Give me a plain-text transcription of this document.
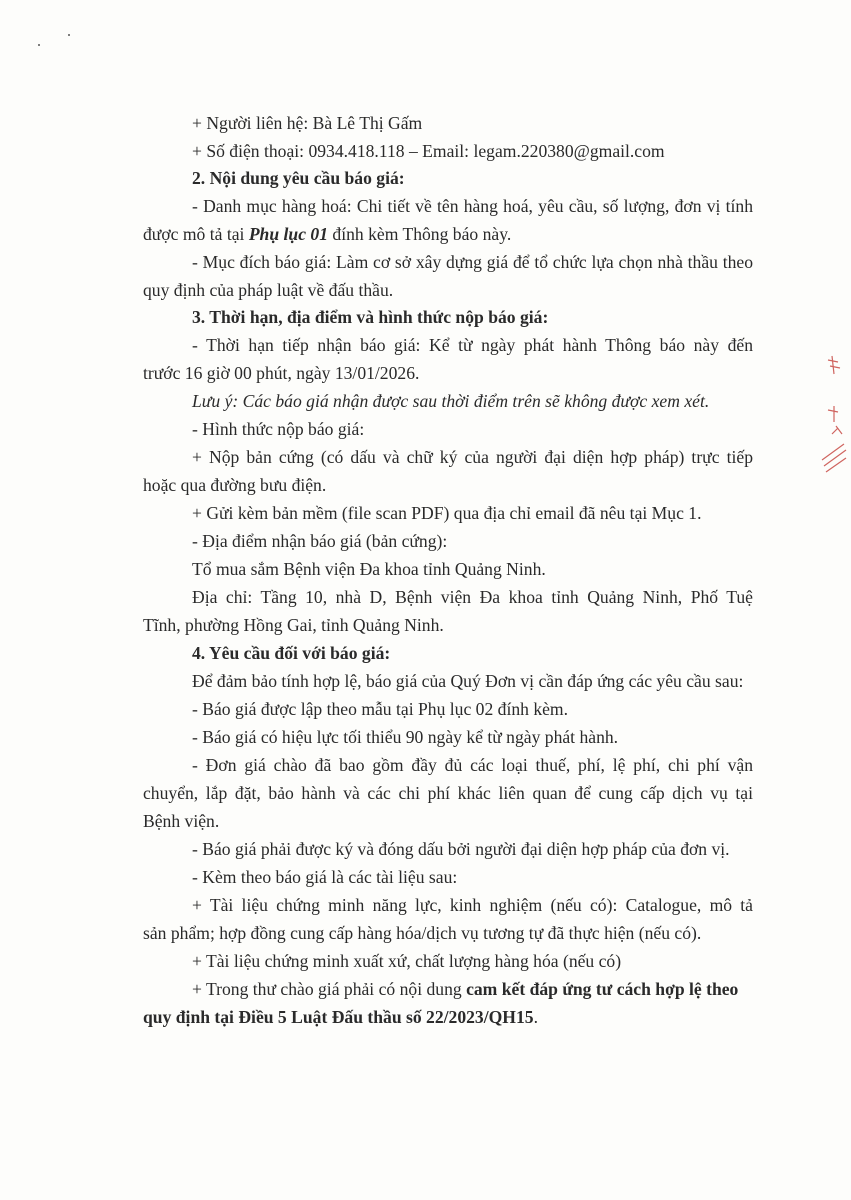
+ Người liên hệ: Bà Lê Thị Gấm
+ Số điện thoại: 0934.418.118 – Email: legam.220380@gmail.com
2. Nội dung yêu cầu báo giá:
- Danh mục hàng hoá: Chi tiết về tên hàng hoá, yêu cầu, số lượng, đơn vị tính
được mô tả tại Phụ lục 01 đính kèm Thông báo này.
- Mục đích báo giá: Làm cơ sở xây dựng giá để tổ chức lựa chọn nhà thầu theo
quy định của pháp luật về đấu thầu.
3. Thời hạn, địa điểm và hình thức nộp báo giá:
- Thời hạn tiếp nhận báo giá: Kể từ ngày phát hành Thông báo này đến
trước 16 giờ 00 phút, ngày 13/01/2026.
Lưu ý: Các báo giá nhận được sau thời điểm trên sẽ không được xem xét.
- Hình thức nộp báo giá:
+ Nộp bản cứng (có dấu và chữ ký của người đại diện hợp pháp) trực tiếp
hoặc qua đường bưu điện.
+ Gửi kèm bản mềm (file scan PDF) qua địa chỉ email đã nêu tại Mục 1.
- Địa điểm nhận báo giá (bản cứng):
Tổ mua sắm Bệnh viện Đa khoa tỉnh Quảng Ninh.
Địa chỉ: Tầng 10, nhà D, Bệnh viện Đa khoa tỉnh Quảng Ninh, Phố Tuệ
Tĩnh, phường Hồng Gai, tỉnh Quảng Ninh.
4. Yêu cầu đối với báo giá:
Để đảm bảo tính hợp lệ, báo giá của Quý Đơn vị cần đáp ứng các yêu cầu sau:
- Báo giá được lập theo mẫu tại Phụ lục 02 đính kèm.
- Báo giá có hiệu lực tối thiểu 90 ngày kể từ ngày phát hành.
- Đơn giá chào đã bao gồm đầy đủ các loại thuế, phí, lệ phí, chi phí vận
chuyển, lắp đặt, bảo hành và các chi phí khác liên quan để cung cấp dịch vụ tại
Bệnh viện.
- Báo giá phải được ký và đóng dấu bởi người đại diện hợp pháp của đơn vị.
- Kèm theo báo giá là các tài liệu sau:
+ Tài liệu chứng minh năng lực, kinh nghiệm (nếu có): Catalogue, mô tả
sản phẩm; hợp đồng cung cấp hàng hóa/dịch vụ tương tự đã thực hiện (nếu có).
+ Tài liệu chứng minh xuất xứ, chất lượng hàng hóa (nếu có)
+ Trong thư chào giá phải có nội dung cam kết đáp ứng tư cách hợp lệ theo
quy định tại Điều 5 Luật Đấu thầu số 22/2023/QH15.
